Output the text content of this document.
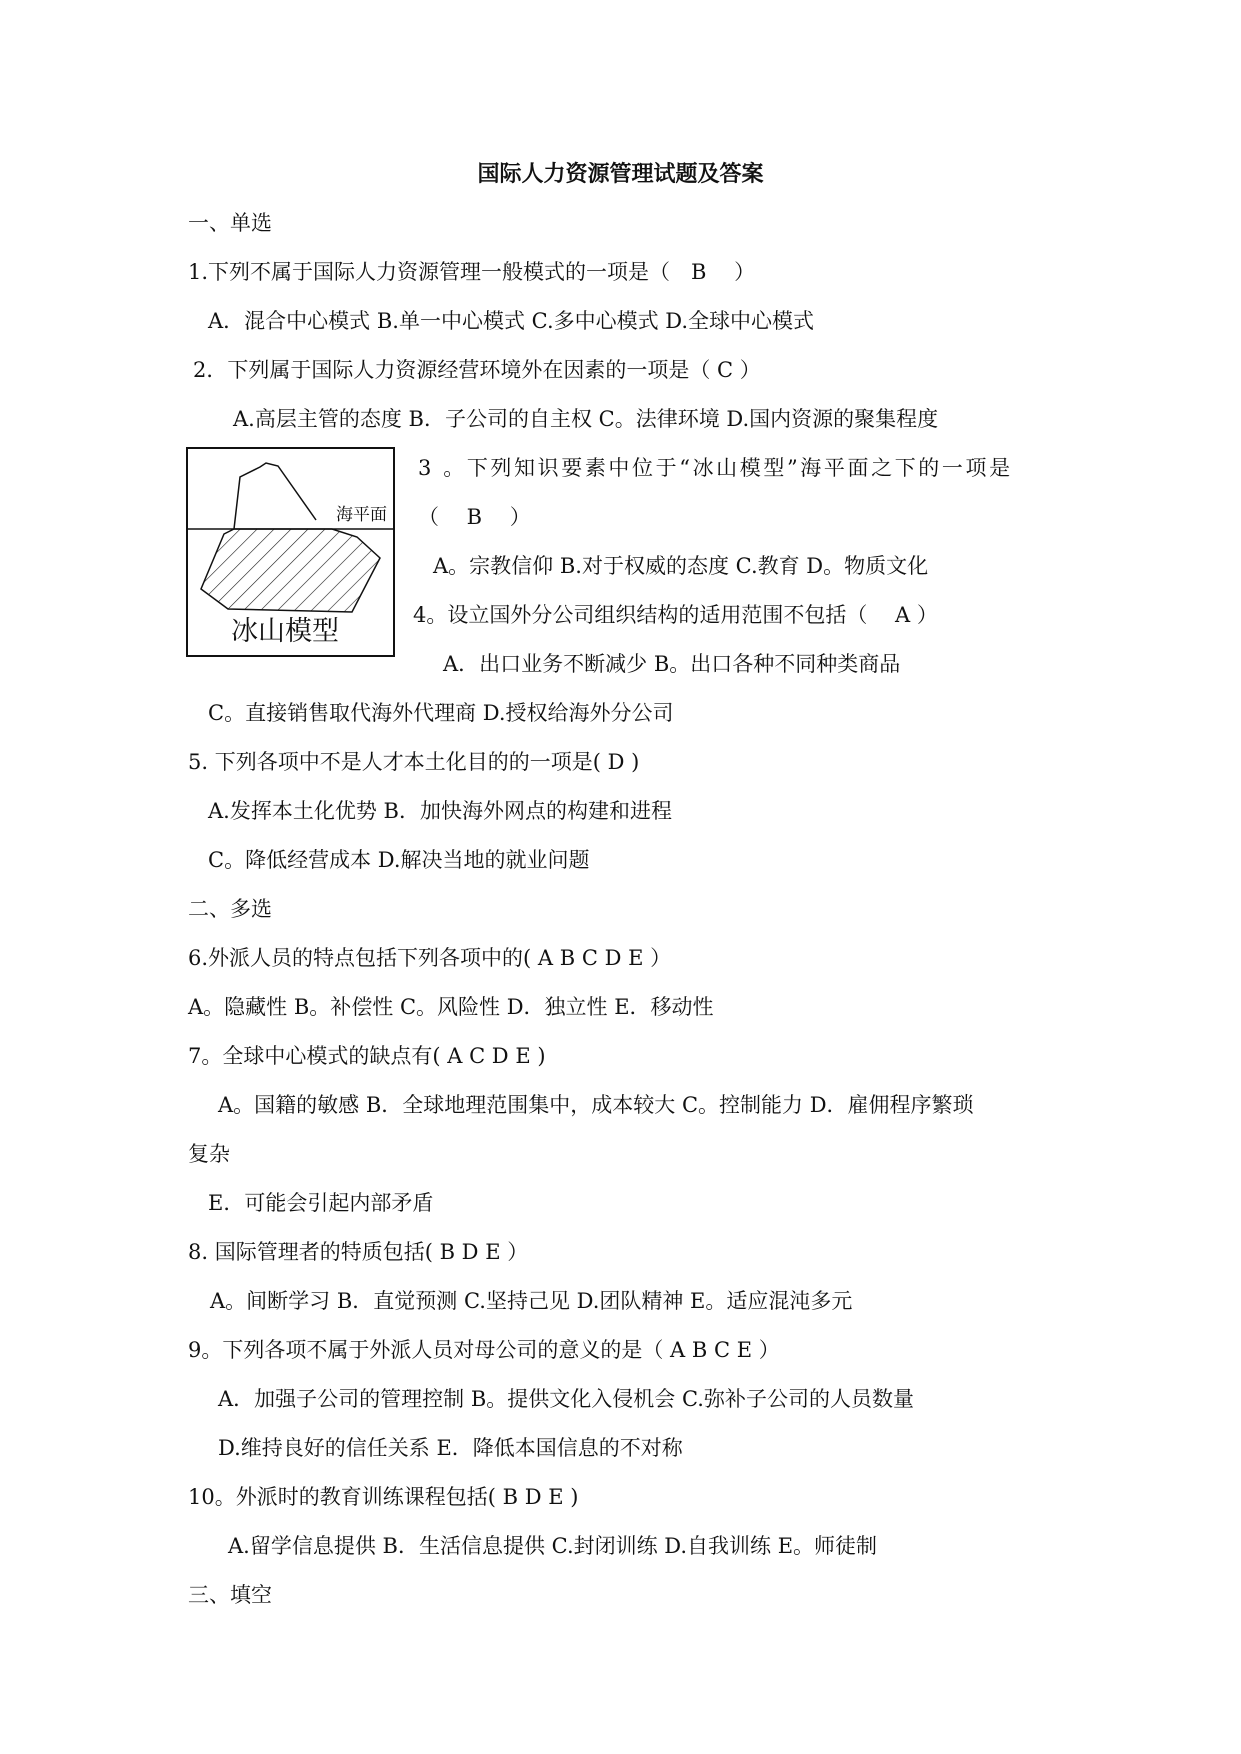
国际人力资源管理试题及答案
一、单选
1.下列不属于国际人力资源管理一般模式的一项是（　B　 ）
A．混合中心模式 B.单一中心模式 C.多中心模式 D.全球中心模式
2．下列属于国际人力资源经营环境外在因素的一项是（ C ）
A.高层主管的态度 B．子公司的自主权 C。法律环境 D.国内资源的聚集程度
海平面
冰山模型
3 。下列知识要素中位于“冰山模型”海平面之下的一项是
（　 B　 ）
A。宗教信仰 B.对于权威的态度 C.教育 D。物质文化
4。设立国外分公司组织结构的适用范围不包括（　 A ）
A．出口业务不断减少 B。出口各种不同种类商品
C。直接销售取代海外代理商 D.授权给海外分公司
5. 下列各项中不是人才本土化目的的一项是( D )
A.发挥本土化优势 B．加快海外网点的构建和进程
C。降低经营成本 D.解决当地的就业问题
二、多选
6.外派人员的特点包括下列各项中的( A B C D E ）
A。隐藏性 B。补偿性 C。风险性 D．独立性 E．移动性
7。全球中心模式的缺点有( A C D E )
A。国籍的敏感 B．全球地理范围集中，成本较大 C。控制能力 D．雇佣程序繁琐
复杂
E．可能会引起内部矛盾
8. 国际管理者的特质包括( B D E ）
A。间断学习 B．直觉预测 C.坚持己见 D.团队精神 E。适应混沌多元
9。下列各项不属于外派人员对母公司的意义的是（ A B C E ）
A．加强子公司的管理控制 B。提供文化入侵机会 C.弥补子公司的人员数量
D.维持良好的信任关系 E．降低本国信息的不对称
10。外派时的教育训练课程包括( B D E )
A.留学信息提供 B．生活信息提供 C.封闭训练 D.自我训练 E。师徒制
三、填空
